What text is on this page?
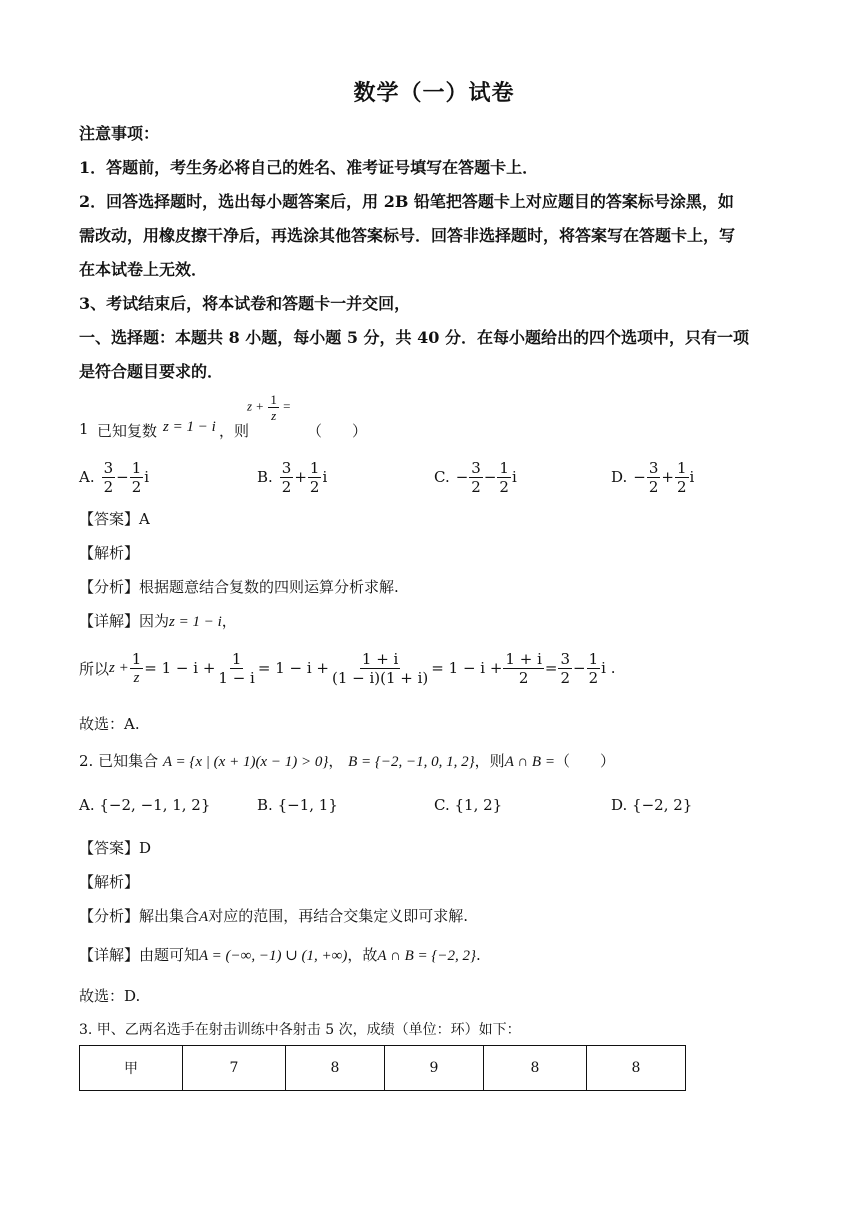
数学（一）试卷
注意事项：
1．答题前，考生务必将自己的姓名、准考证号填写在答题卡上．
2．回答选择题时，选出每小题答案后，用 2B 铅笔把答题卡上对应题目的答案标号涂黑，如
需改动，用橡皮擦干净后，再选涂其他答案标号．回答非选择题时，将答案写在答题卡上，写
在本试卷上无效．
3、考试结束后，将本试卷和答题卡一并交回，
一、选择题：本题共 8 小题，每小题 5 分，共 40 分．在每小题给出的四个选项中，只有一项
是符合题目要求的．
1 已知复数 z = 1 − i ，则
$z + \frac{1}{z}$ =
（　　）
A. $\frac{3}{2} - \frac{1}{2}$ i	B. $\frac{3}{2} + \frac{1}{2}$ i	C. − $\frac{3}{2} - \frac{1}{2}$ i	D. − $\frac{3}{2} + \frac{1}{2}$ i
【答案】A
【解析】
【分析】根据题意结合复数的四则运算分析求解.
【详解】因为z = 1 − i，
所以 $z + \frac{1}{z} = 1 - i + \frac{1}{1 - i} = 1 - i + \frac{1 + i}{(1 - i)(1 + i)} = 1 - i + \frac{1 + i}{2} = \frac{3}{2} - \frac{1}{2}$ i .
故选：A.
2. 已知集合 A = {x | (x + 1)(x − 1) > 0}， B = {−2, −1, 0, 1, 2}，则A ∩ B =（　　）
A. {−2, −1, 1, 2}	B. {−1, 1}	C. {1, 2}	D. {−2, 2}
【答案】D
【解析】
【分析】解出集合A对应的范围，再结合交集定义即可求解.
【详解】由题可知A = (−∞, −1) ∪ (1, +∞)，故A ∩ B = {−2, 2}.
故选：D.
3. 甲、乙两名选手在射击训练中各射击 5 次，成绩（单位：环）如下：
甲	7	8	9	8	8
